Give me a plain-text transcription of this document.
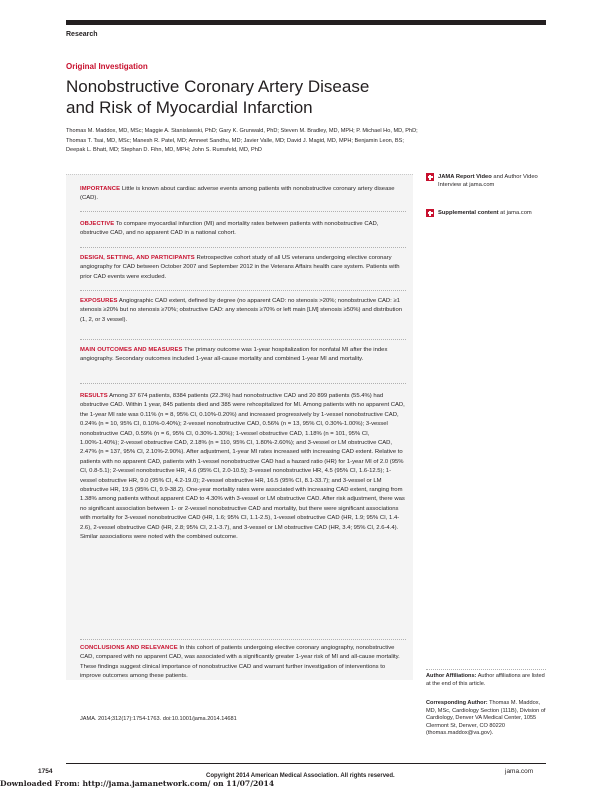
Research
Original Investigation
Nonobstructive Coronary Artery Disease
and Risk of Myocardial Infarction
Thomas M. Maddox, MD, MSc; Maggie A. Stanislawski, PhD; Gary K. Grunwald, PhD; Steven M. Bradley, MD, MPH; P. Michael Ho, MD, PhD;
Thomas T. Tsai, MD, MSc; Manesh R. Patel, MD; Amneet Sandhu, MD; Javier Valle, MD; David J. Magid, MD, MPH; Benjamin Leon, BS;
Deepak L. Bhatt, MD; Stephan D. Fihn, MD, MPH; John S. Rumsfeld, MD, PhD
IMPORTANCE Little is known about cardiac adverse events among patients with nonobstructive coronary artery disease (CAD).
OBJECTIVE To compare myocardial infarction (MI) and mortality rates between patients with nonobstructive CAD, obstructive CAD, and no apparent CAD in a national cohort.
DESIGN, SETTING, AND PARTICIPANTS Retrospective cohort study of all US veterans undergoing elective coronary angiography for CAD between October 2007 and September 2012 in the Veterans Affairs health care system. Patients with prior CAD events were excluded.
EXPOSURES Angiographic CAD extent, defined by degree (no apparent CAD: no stenosis >20%; nonobstructive CAD: ≥1 stenosis ≥20% but no stenosis ≥70%; obstructive CAD: any stenosis ≥70% or left main [LM] stenosis ≥50%) and distribution (1, 2, or 3 vessel).
MAIN OUTCOMES AND MEASURES The primary outcome was 1-year hospitalization for nonfatal MI after the index angiography. Secondary outcomes included 1-year all-cause mortality and combined 1-year MI and mortality.
RESULTS Among 37 674 patients, 8384 patients (22.3%) had nonobstructive CAD and 20 899 patients (55.4%) had obstructive CAD. Within 1 year, 845 patients died and 385 were rehospitalized for MI. Among patients with no apparent CAD, the 1-year MI rate was 0.11% (n = 8, 95% CI, 0.10%-0.20%) and increased progressively by 1-vessel nonobstructive CAD, 0.24% (n = 10, 95% CI, 0.10%-0.40%); 2-vessel nonobstructive CAD, 0.56% (n = 13, 95% CI, 0.30%-1.00%); 3-vessel nonobstructive CAD, 0.59% (n = 6, 95% CI, 0.30%-1.30%); 1-vessel obstructive CAD, 1.18% (n = 101, 95% CI, 1.00%-1.40%); 2-vessel obstructive CAD, 2.18% (n = 110, 95% CI, 1.80%-2.60%); and 3-vessel or LM obstructive CAD, 2.47% (n = 137, 95% CI, 2.10%-2.90%). After adjustment, 1-year MI rates increased with increasing CAD extent. Relative to patients with no apparent CAD, patients with 1-vessel nonobstructive CAD had a hazard ratio (HR) for 1-year MI of 2.0 (95% CI, 0.8-5.1); 2-vessel nonobstructive HR, 4.6 (95% CI, 2.0-10.5); 3-vessel nonobstructive HR, 4.5 (95% CI, 1.6-12.5); 1-vessel obstructive HR, 9.0 (95% CI, 4.2-19.0); 2-vessel obstructive HR, 16.5 (95% CI, 8.1-33.7); and 3-vessel or LM obstructive HR, 19.5 (95% CI, 9.9-38.2). One-year mortality rates were associated with increasing CAD extent, ranging from 1.38% among patients without apparent CAD to 4.30% with 3-vessel or LM obstructive CAD. After risk adjustment, there was no significant association between 1- or 2-vessel nonobstructive CAD and mortality, but there were significant associations with mortality for 3-vessel nonobstructive CAD (HR, 1.6; 95% CI, 1.1-2.5), 1-vessel obstructive CAD (HR, 1.9; 95% CI, 1.4-2.6), 2-vessel obstructive CAD (HR, 2.8; 95% CI, 2.1-3.7), and 3-vessel or LM obstructive CAD (HR, 3.4; 95% CI, 2.6-4.4). Similar associations were noted with the combined outcome.
CONCLUSIONS AND RELEVANCE In this cohort of patients undergoing elective coronary angiography, nonobstructive CAD, compared with no apparent CAD, was associated with a significantly greater 1-year risk of MI and all-cause mortality. These findings suggest clinical importance of nonobstructive CAD and warrant further investigation of interventions to improve outcomes among these patients.
JAMA. 2014;312(17):1754-1763. doi:10.1001/jama.2014.14681
JAMA Report Video and Author Video Interview at jama.com
Supplemental content at jama.com
Author Affiliations: Author affiliations are listed at the end of this article.
Corresponding Author: Thomas M. Maddox, MD, MSc, Cardiology Section (111B), Division of Cardiology, Denver VA Medical Center, 1055 Clermont St, Denver, CO 80220 (thomas.maddox@va.gov).
1754	jama.com
Downloaded From: http://jama.jamanetwork.com/ on 11/07/2014
Copyright 2014 American Medical Association. All rights reserved.
